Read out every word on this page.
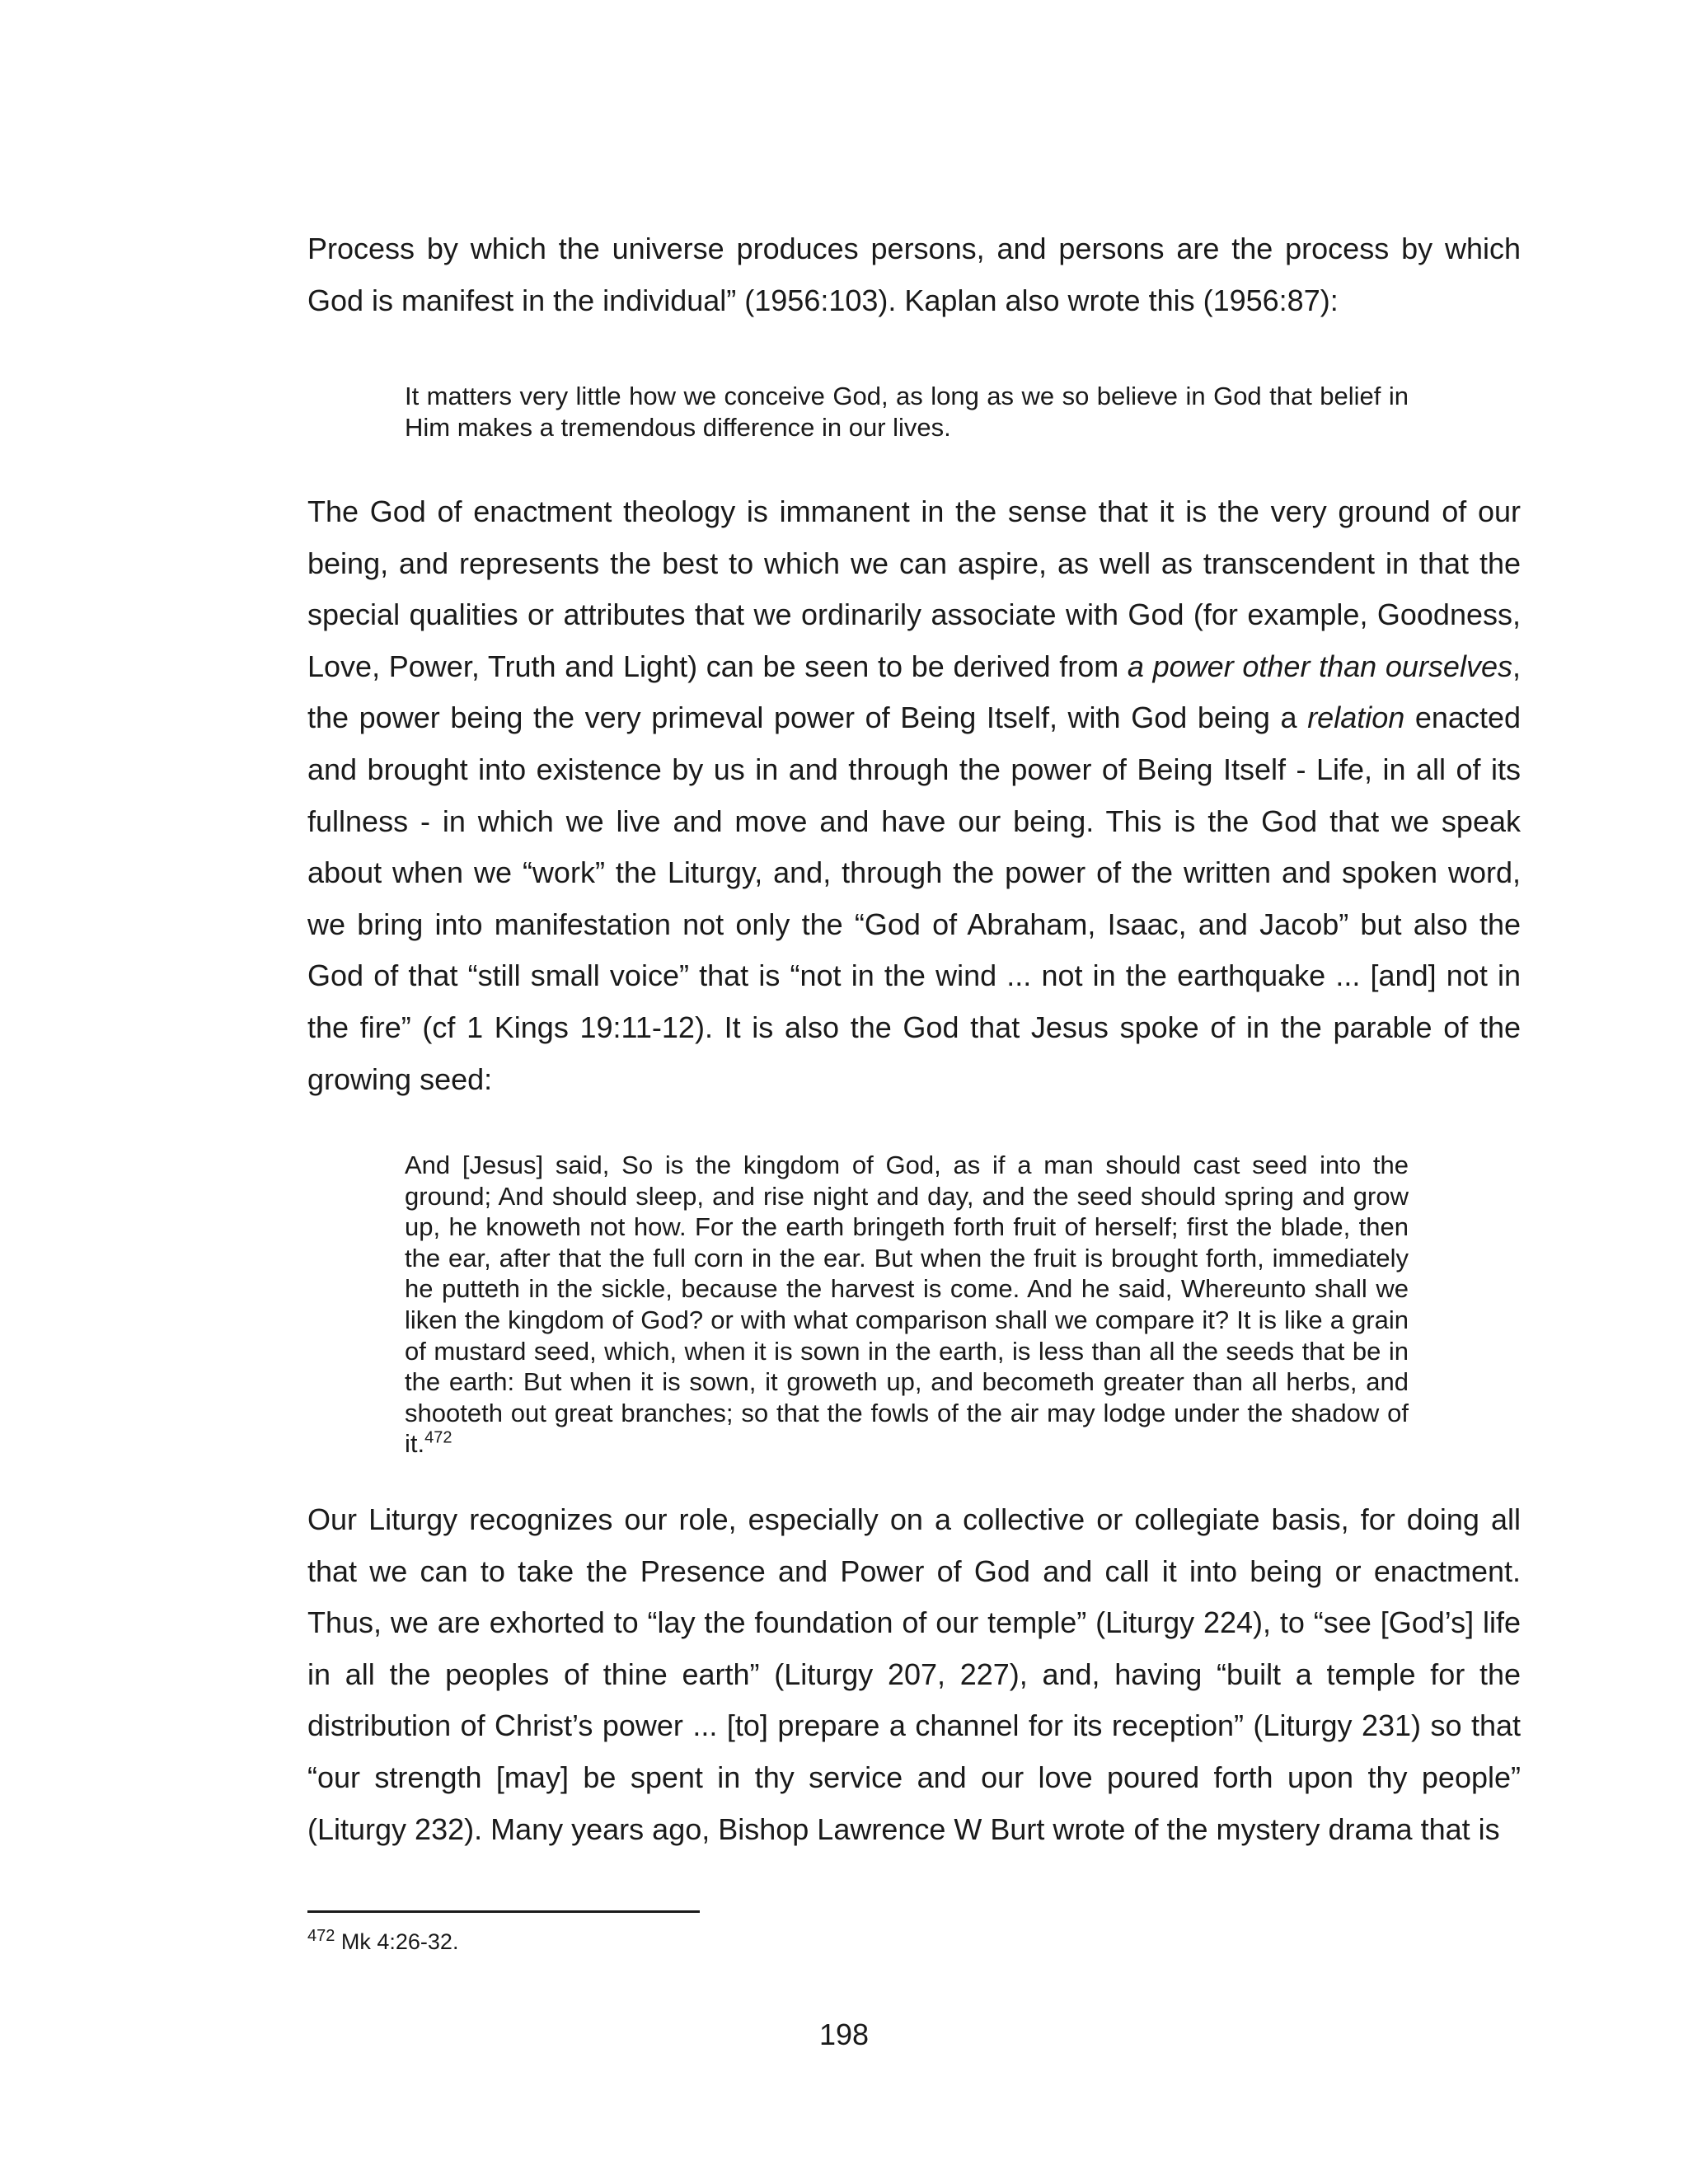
Process by which the universe produces persons, and persons are the process by which God is manifest in the individual” (1956:103). Kaplan also wrote this (1956:87):

It matters very little how we conceive God, as long as we so believe in God that belief in Him makes a tremendous difference in our lives.

The God of enactment theology is immanent in the sense that it is the very ground of our being, and represents the best to which we can aspire, as well as transcendent in that the special qualities or attributes that we ordinarily associate with God (for example, Goodness, Love, Power, Truth and Light) can be seen to be derived from a power other than ourselves, the power being the very primeval power of Being Itself, with God being a relation enacted and brought into existence by us in and through the power of Being Itself - Life, in all of its fullness - in which we live and move and have our being. This is the God that we speak about when we “work” the Liturgy, and, through the power of the written and spoken word, we bring into manifestation not only the “God of Abraham, Isaac, and Jacob” but also the God of that “still small voice” that is “not in the wind ... not in the earthquake ... [and] not in the fire” (cf 1 Kings 19:11-12). It is also the God that Jesus spoke of in the parable of the growing seed:

And [Jesus] said, So is the kingdom of God, as if a man should cast seed into the ground; And should sleep, and rise night and day, and the seed should spring and grow up, he knoweth not how. For the earth bringeth forth fruit of herself; first the blade, then the ear, after that the full corn in the ear. But when the fruit is brought forth, immediately he putteth in the sickle, because the harvest is come. And he said, Whereunto shall we liken the kingdom of God? or with what comparison shall we compare it? It is like a grain of mustard seed, which, when it is sown in the earth, is less than all the seeds that be in the earth: But when it is sown, it groweth up, and becometh greater than all herbs, and shooteth out great branches; so that the fowls of the air may lodge under the shadow of it.$^{472}$

Our Liturgy recognizes our role, especially on a collective or collegiate basis, for doing all that we can to take the Presence and Power of God and call it into being or enactment. Thus, we are exhorted to “lay the foundation of our temple” (Liturgy 224), to “see [God’s] life in all the peoples of thine earth” (Liturgy 207, 227), and, having “built a temple for the distribution of Christ’s power ... [to] prepare a channel for its reception” (Liturgy 231) so that “our strength [may] be spent in thy service and our love poured forth upon thy people” (Liturgy 232). Many years ago, Bishop Lawrence W Burt wrote of the mystery drama that is

$^{472}$ Mk 4:26-32.

198
